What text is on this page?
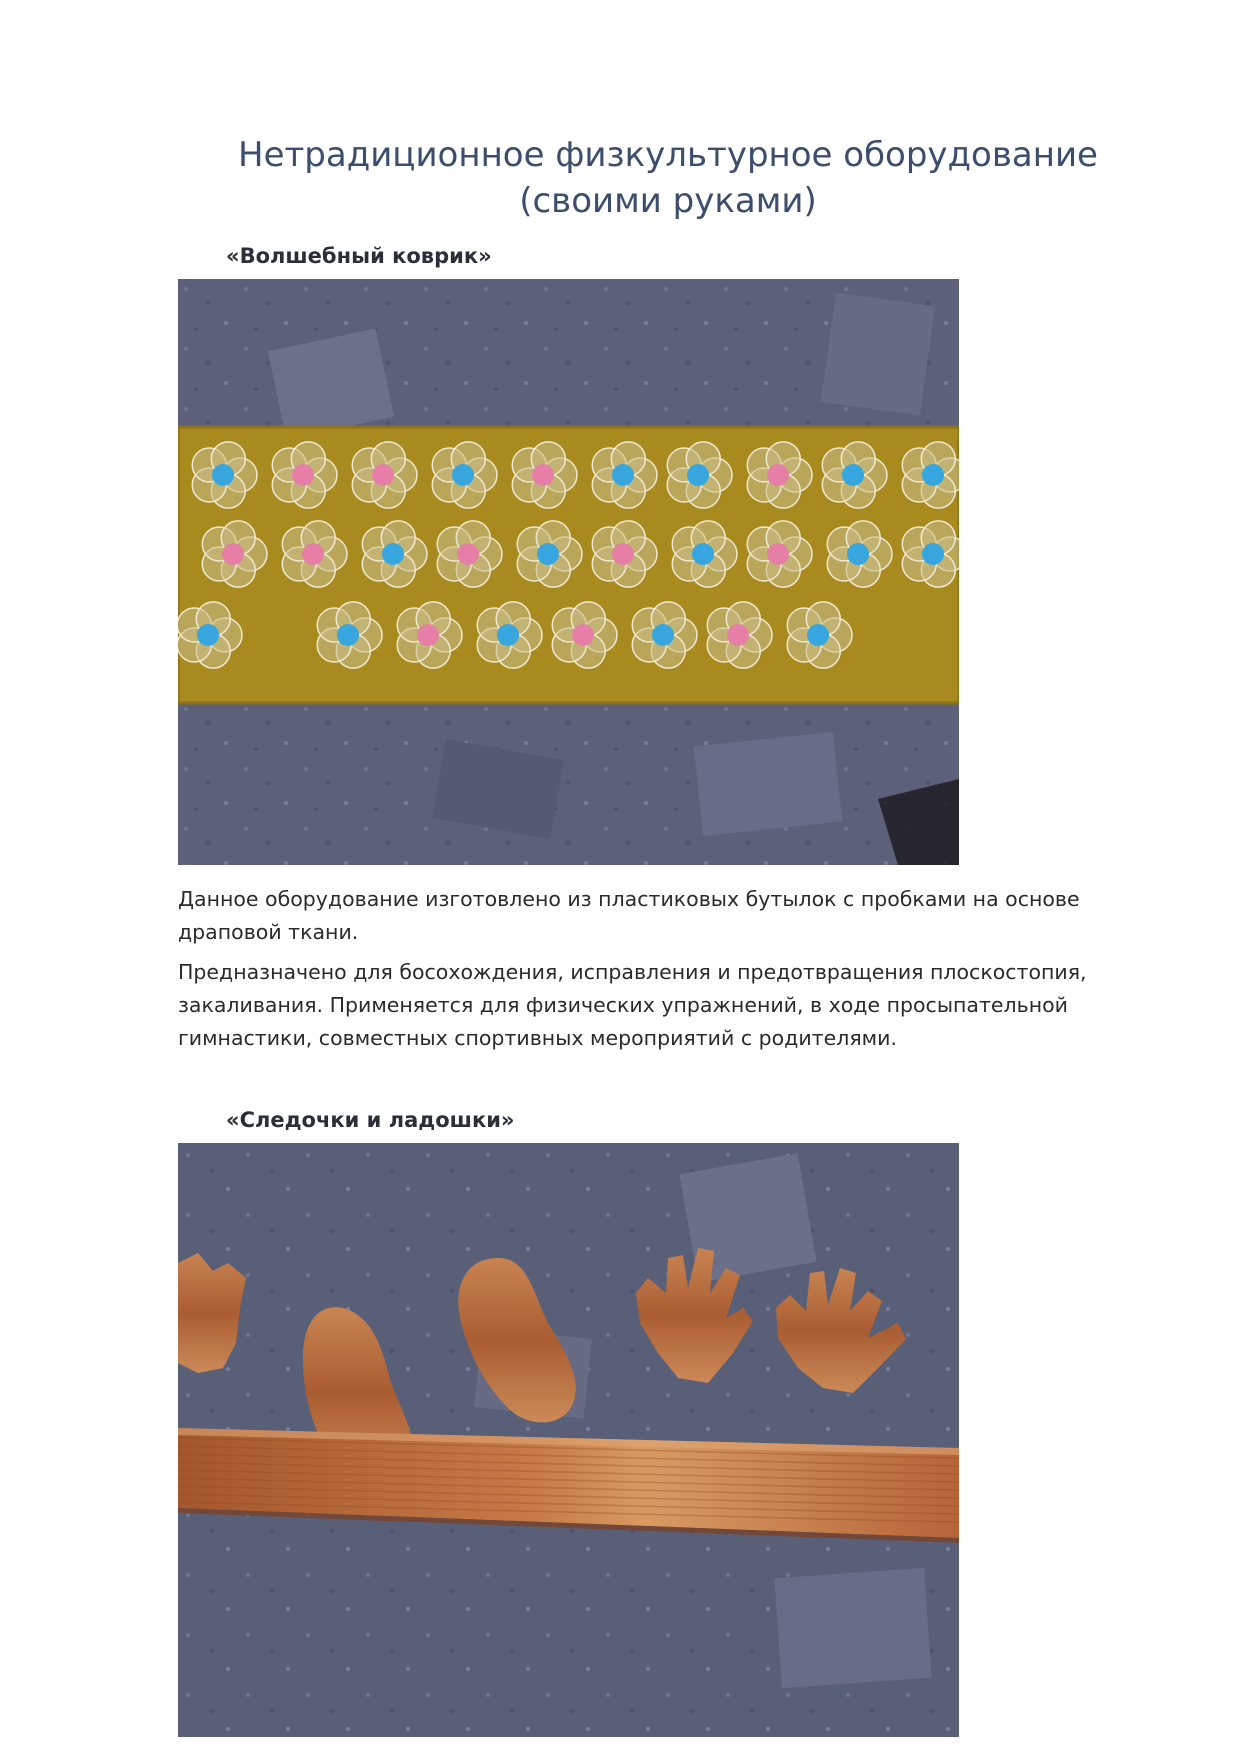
Нетрадиционное физкультурное оборудование
(своими руками)
«Волшебный коврик»

Данное оборудование изготовлено из пластиковых бутылок с пробками на основе драповой ткани.

Предназначено для босохождения, исправления и предотвращения плоскостопия, закаливания. Применяется для физических упражнений, в ходе просыпательной гимнастики, совместных спортивных мероприятий с родителями.

«Следочки и ладошки»
